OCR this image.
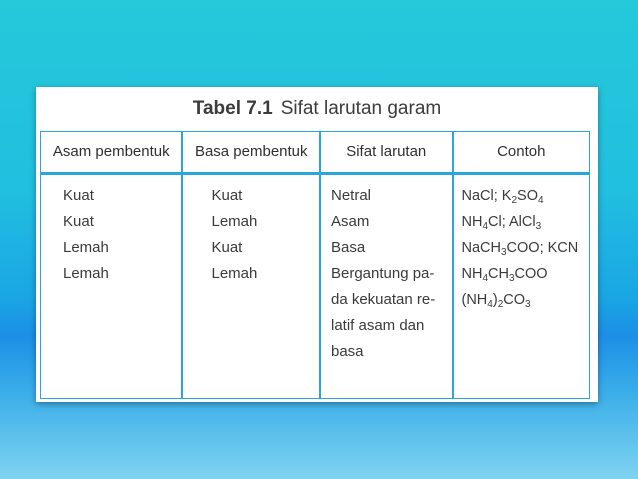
Tabel 7.1 Sifat larutan garam
Asam pembentuk
Kuat
Kuat
Lemah
Lemah
Basa pembentuk
Kuat
Lemah
Kuat
Lemah
Sifat larutan
Netral
Asam
Basa
Bergantung pa-
da kekuatan re-
latif asam dan
basa
Contoh
NaCl; $K_2SO_4$
$NH_4Cl$; AlCl$_3$
NaCH$_3$COO; KCN
$NH_4CH_3COO$
$(NH_4)_2CO_3$
